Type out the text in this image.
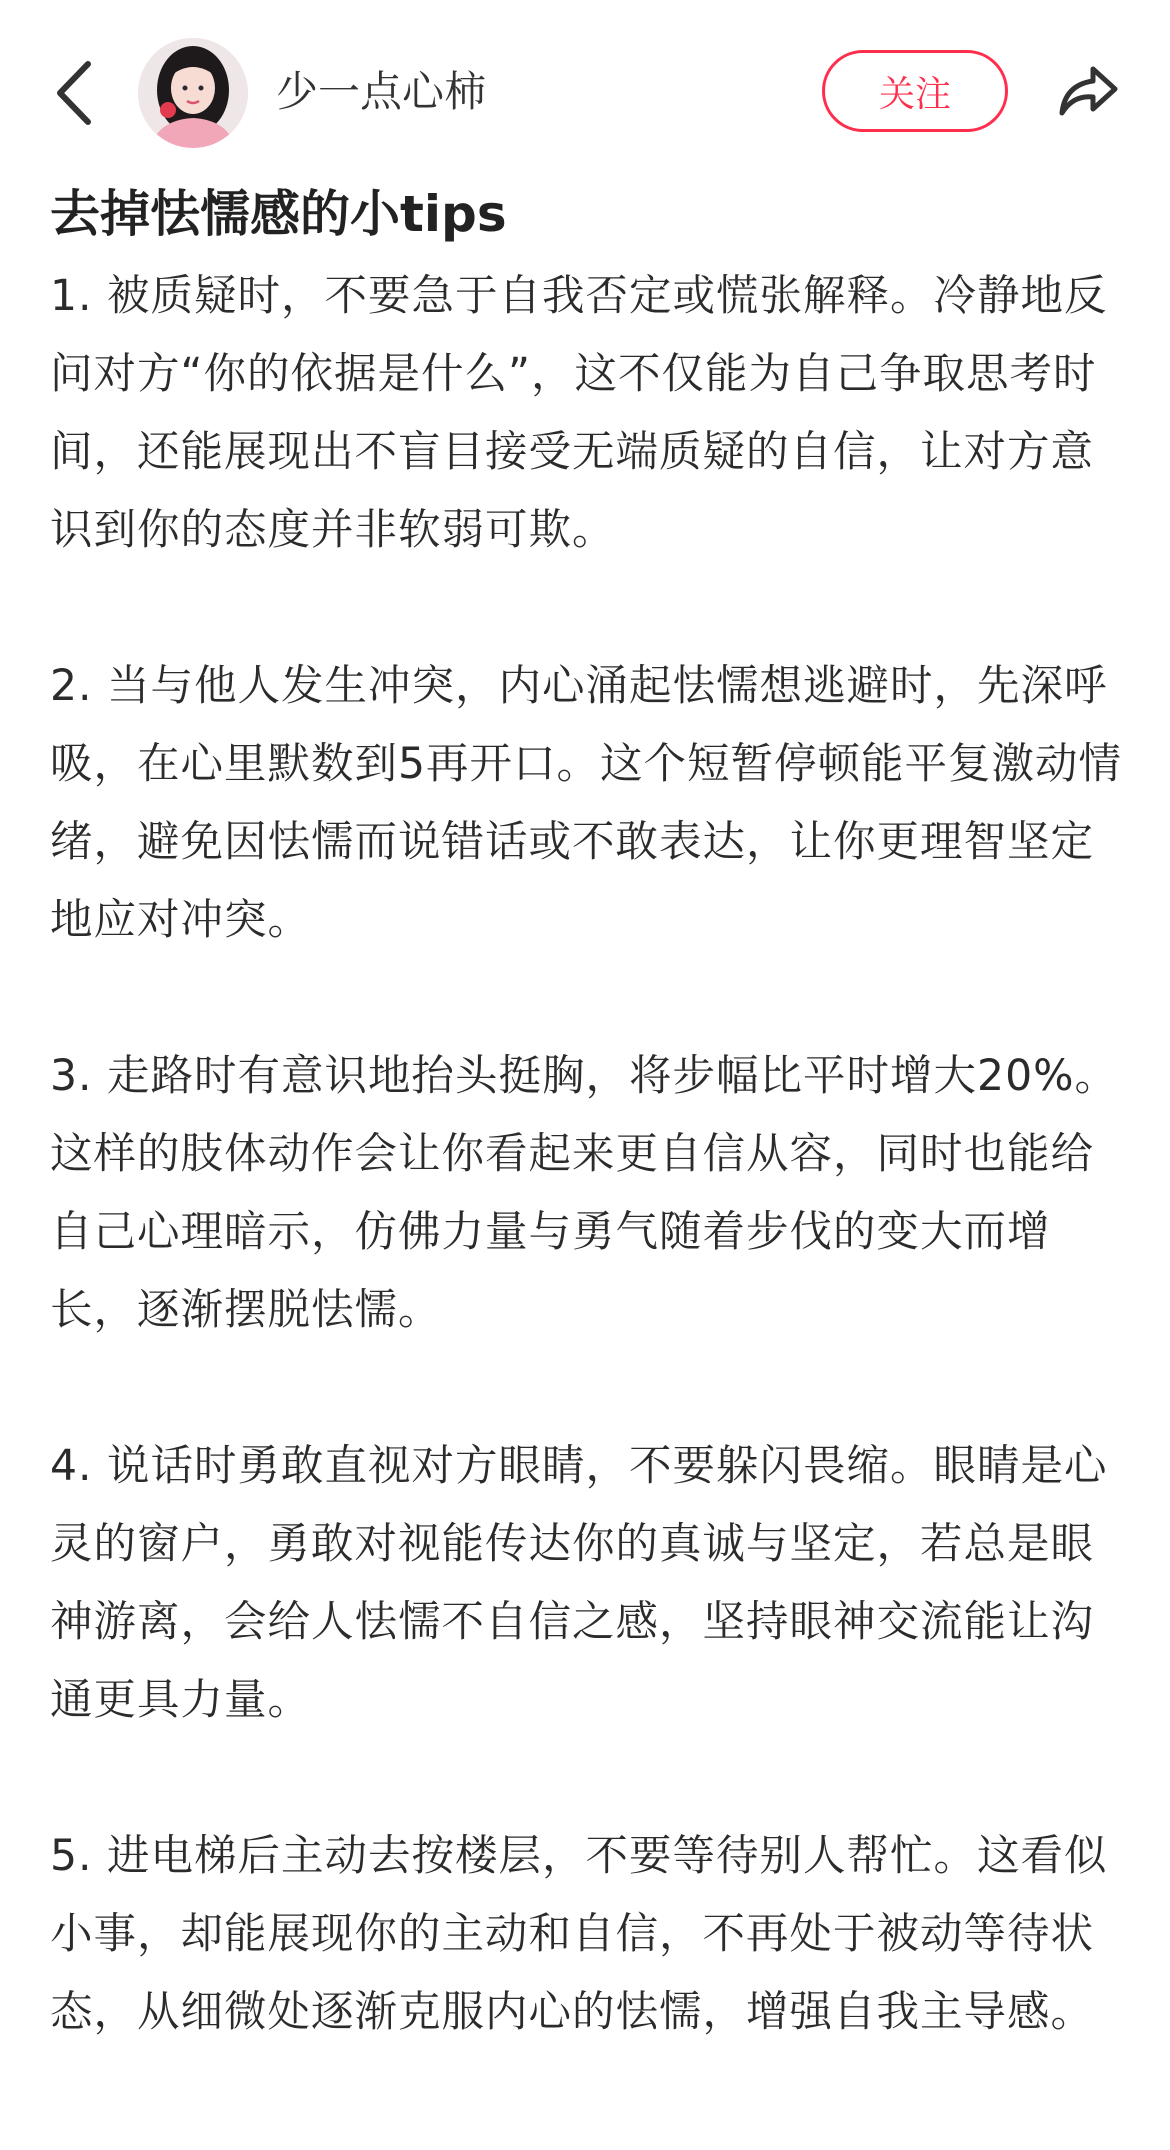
少一点心柿	关注
去掉怯懦感的小tips

1. 被质疑时，不要急于自我否定或慌张解释。冷静地反问对方“你的依据是什么”，这不仅能为自己争取思考时间，还能展现出不盲目接受无端质疑的自信，让对方意识到你的态度并非软弱可欺。

2. 当与他人发生冲突，内心涌起怯懦想逃避时，先深呼吸，在心里默数到5再开口。这个短暂停顿能平复激动情绪，避免因怯懦而说错话或不敢表达，让你更理智坚定地应对冲突。

3. 走路时有意识地抬头挺胸，将步幅比平时增大20%。这样的肢体动作会让你看起来更自信从容，同时也能给自己心理暗示，仿佛力量与勇气随着步伐的变大而增长，逐渐摆脱怯懦。

4. 说话时勇敢直视对方眼睛，不要躲闪畏缩。眼睛是心灵的窗户，勇敢对视能传达你的真诚与坚定，若总是眼神游离，会给人怯懦不自信之感，坚持眼神交流能让沟通更具力量。

5. 进电梯后主动去按楼层，不要等待别人帮忙。这看似小事，却能展现你的主动和自信，不再处于被动等待状态，从细微处逐渐克服内心的怯懦，增强自我主导感。
